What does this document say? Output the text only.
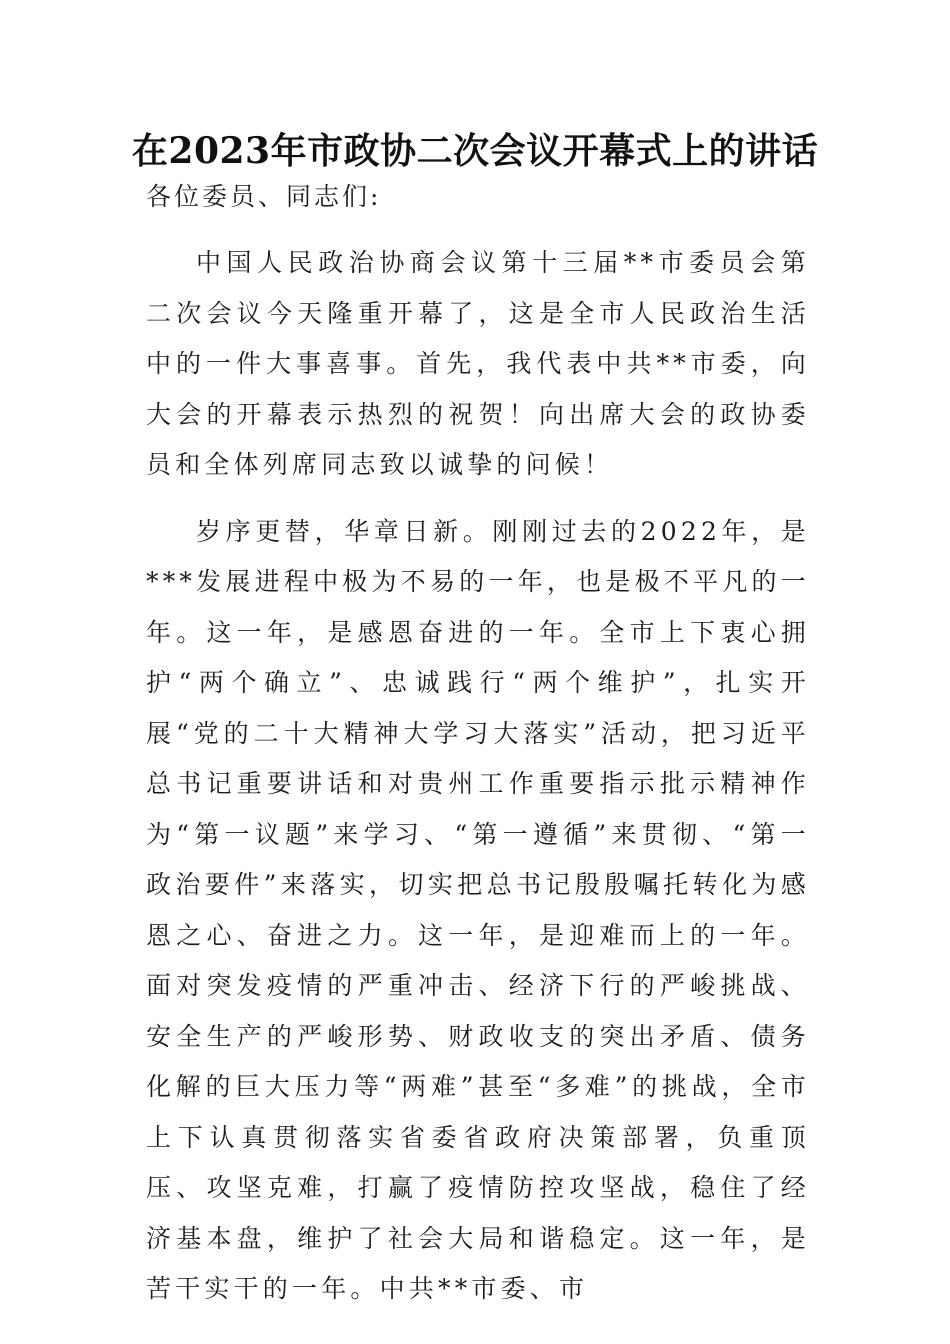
在2023年市政协二次会议开幕式上的讲话

各位委员、同志们:

中国人民政治协商会议第十三届**市委员会第二次会议今天隆重开幕了，这是全市人民政治生活中的一件大事喜事。首先，我代表中共**市委，向大会的开幕表示热烈的祝贺！向出席大会的政协委员和全体列席同志致以诚挚的问候！

岁序更替，华章日新。刚刚过去的2022年，是***发展进程中极为不易的一年，也是极不平凡的一年。这一年，是感恩奋进的一年。全市上下衷心拥护“两个确立”、忠诚践行“两个维护”，扎实开展“党的二十大精神大学习大落实”活动，把习近平总书记重要讲话和对贵州工作重要指示批示精神作为“第一议题”来学习、“第一遵循”来贯彻、“第一政治要件”来落实，切实把总书记殷殷嘱托转化为感恩之心、奋进之力。这一年，是迎难而上的一年。面对突发疫情的严重冲击、经济下行的严峻挑战、安全生产的严峻形势、财政收支的突出矛盾、债务化解的巨大压力等“两难”甚至“多难”的挑战，全市上下认真贯彻落实省委省政府决策部署，负重顶压、攻坚克难，打赢了疫情防控攻坚战，稳住了经济基本盘，维护了社会大局和谐稳定。这一年，是苦干实干的一年。中共**市委、市
